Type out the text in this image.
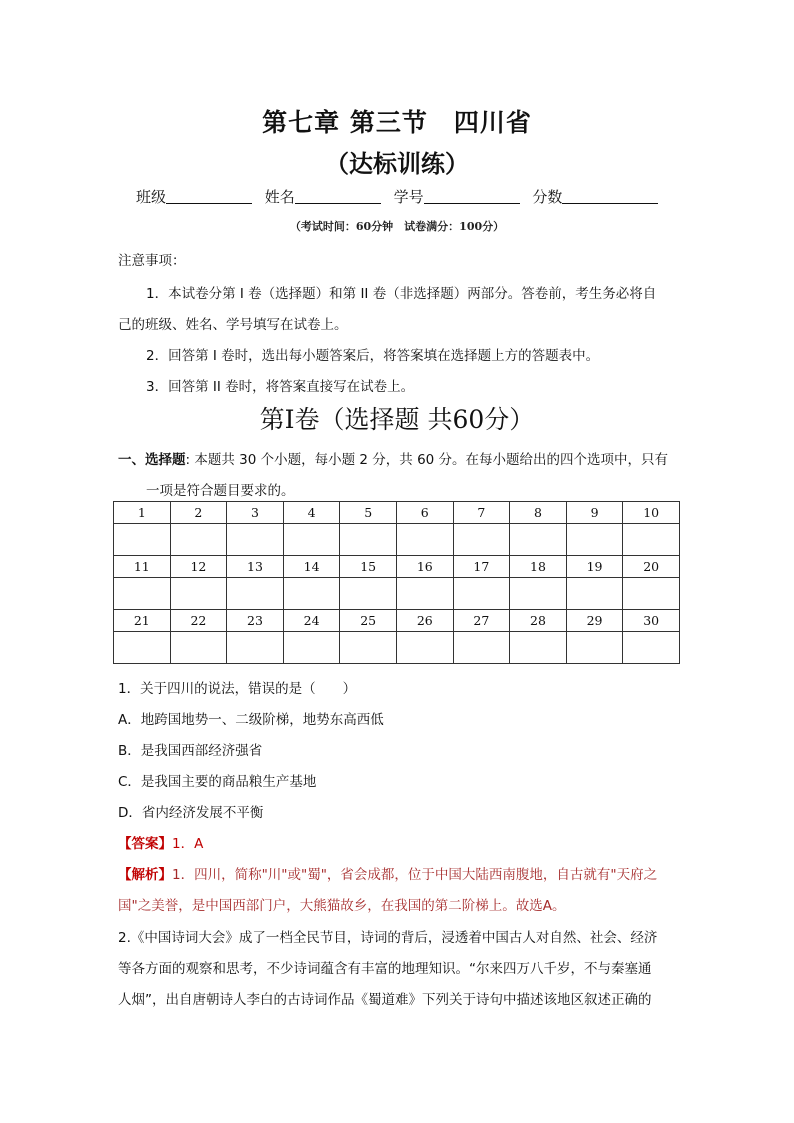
第七章 第三节　四川省
（达标训练）
班级	姓名	学号	分数
（考试时间：60分钟　试卷满分：100分）
注意事项：
1．本试卷分第 I 卷（选择题）和第 II 卷（非选择题）两部分。答卷前，考生务必将自
己的班级、姓名、学号填写在试卷上。
2．回答第 I 卷时，选出每小题答案后，将答案填在选择题上方的答题表中。
3．回答第 II 卷时，将答案直接写在试卷上。
第Ⅰ卷（选择题 共60分）
一、选择题: 本题共 30 个小题，每小题 2 分，共 60 分。在每小题给出的四个选项中，只有
一项是符合题目要求的。
1	2	3	4	5	6	7	8	9	10

11	12	13	14	15	16	17	18	19	20

21	22	23	24	25	26	27	28	29	30

1．关于四川的说法，错误的是（　　）
A．地跨国地势一、二级阶梯，地势东高西低
B．是我国西部经济强省
C．是我国主要的商品粮生产基地
D．省内经济发展不平衡
【答案】1．A
【解析】1．四川，简称"川"或"蜀"，省会成都，位于中国大陆西南腹地，自古就有"天府之
国"之美誉，是中国西部门户，大熊猫故乡，在我国的第二阶梯上。故选A。
2.《中国诗词大会》成了一档全民节目，诗词的背后，浸透着中国古人对自然、社会、经济
等各方面的观察和思考，不少诗词蕴含有丰富的地理知识。“尔来四万八千岁，不与秦塞通
人烟”，出自唐朝诗人李白的古诗词作品《蜀道难》下列关于诗句中描述该地区叙述正确的
